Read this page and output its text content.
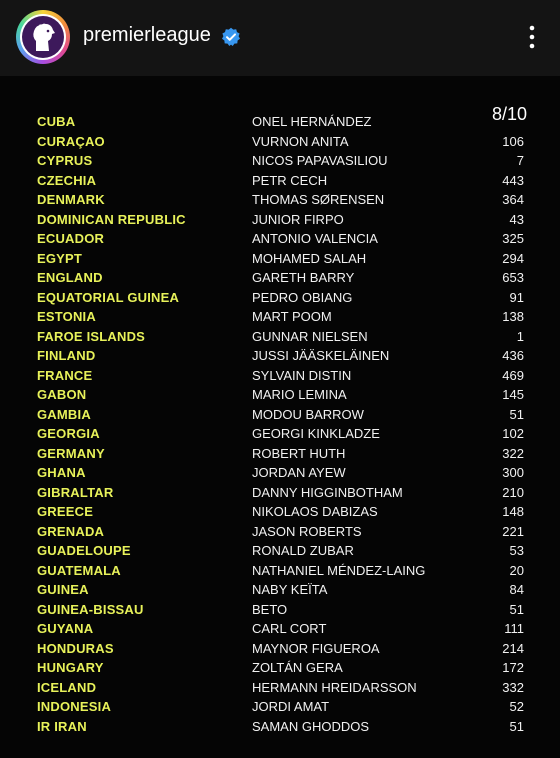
premierleague
8/10
CUBA	ONEL HERNÁNDEZ
CURAÇAO	VURNON ANITA	106
CYPRUS	NICOS PAPAVASILIOU	7
CZECHIA	PETR CECH	443
DENMARK	THOMAS SØRENSEN	364
DOMINICAN REPUBLIC	JUNIOR FIRPO	43
ECUADOR	ANTONIO VALENCIA	325
EGYPT	MOHAMED SALAH	294
ENGLAND	GARETH BARRY	653
EQUATORIAL GUINEA	PEDRO OBIANG	91
ESTONIA	MART POOM	138
FAROE ISLANDS	GUNNAR NIELSEN	1
FINLAND	JUSSI JÄÄSKELÄINEN	436
FRANCE	SYLVAIN DISTIN	469
GABON	MARIO LEMINA	145
GAMBIA	MODOU BARROW	51
GEORGIA	GEORGI KINKLADZE	102
GERMANY	ROBERT HUTH	322
GHANA	JORDAN AYEW	300
GIBRALTAR	DANNY HIGGINBOTHAM	210
GREECE	NIKOLAOS DABIZAS	148
GRENADA	JASON ROBERTS	221
GUADELOUPE	RONALD ZUBAR	53
GUATEMALA	NATHANIEL MÉNDEZ-LAING	20
GUINEA	NABY KEÏTA	84
GUINEA-BISSAU	BETO	51
GUYANA	CARL CORT	111
HONDURAS	MAYNOR FIGUEROA	214
HUNGARY	ZOLTÁN GERA	172
ICELAND	HERMANN HREIDARSSON	332
INDONESIA	JORDI AMAT	52
IR IRAN	SAMAN GHODDOS	51
